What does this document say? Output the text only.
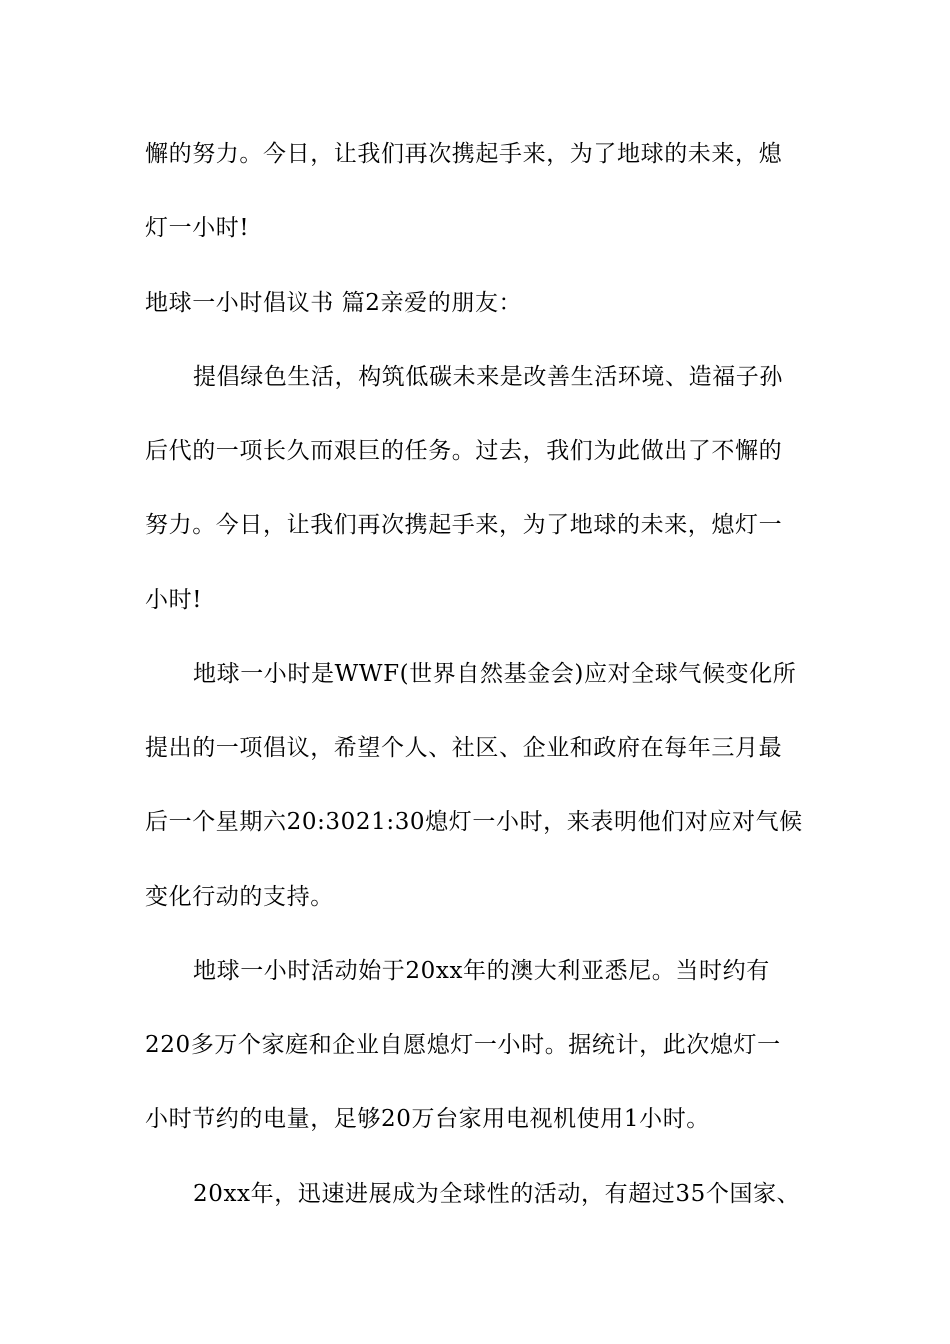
懈的努力。今日，让我们再次携起手来，为了地球的未来，熄
灯一小时!
地球一小时倡议书 篇2亲爱的朋友：
提倡绿色生活，构筑低碳未来是改善生活环境、造福子孙
后代的一项长久而艰巨的任务。过去，我们为此做出了不懈的
努力。今日，让我们再次携起手来，为了地球的未来，熄灯一
小时!
地球一小时是WWF(世界自然基金会)应对全球气候变化所
提出的一项倡议，希望个人、社区、企业和政府在每年三月最
后一个星期六20:3021:30熄灯一小时，来表明他们对应对气候
变化行动的支持。
地球一小时活动始于20xx年的澳大利亚悉尼。当时约有
220多万个家庭和企业自愿熄灯一小时。据统计，此次熄灯一
小时节约的电量，足够20万台家用电视机使用1小时。
20xx年，迅速进展成为全球性的活动，有超过35个国家、
